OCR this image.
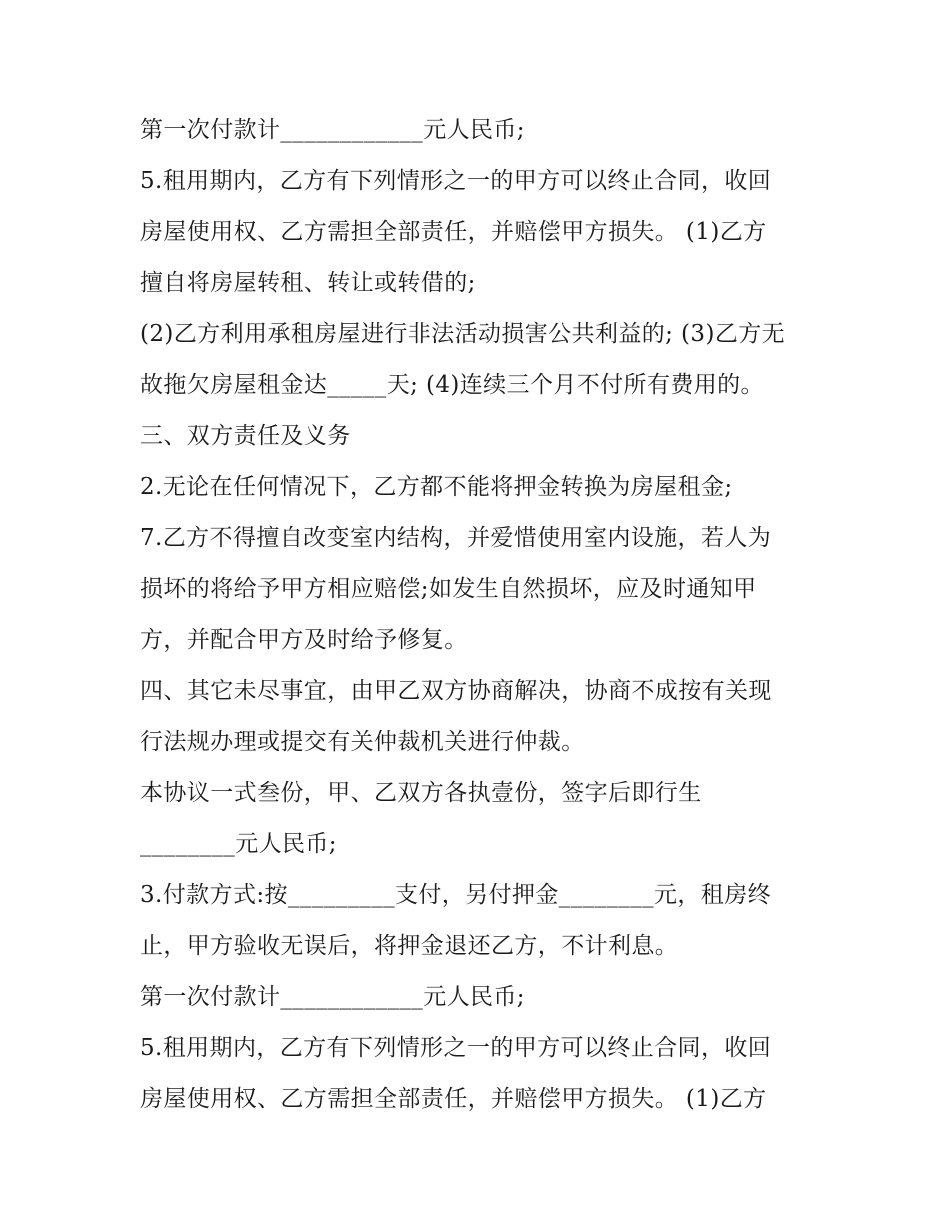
第一次付款计____________元人民币;
5.租用期内，乙方有下列情形之一的甲方可以终止合同，收回
房屋使用权、乙方需担全部责任，并赔偿甲方损失。 (1)乙方
擅自将房屋转租、转让或转借的;
(2)乙方利用承租房屋进行非法活动损害公共利益的; (3)乙方无
故拖欠房屋租金达_____天; (4)连续三个月不付所有费用的。
三、双方责任及义务
2.无论在任何情况下，乙方都不能将押金转换为房屋租金;
7.乙方不得擅自改变室内结构，并爱惜使用室内设施，若人为
损坏的将给予甲方相应赔偿;如发生自然损坏，应及时通知甲
方，并配合甲方及时给予修复。
四、其它未尽事宜，由甲乙双方协商解决，协商不成按有关现
行法规办理或提交有关仲裁机关进行仲裁。
本协议一式叁份，甲、乙双方各执壹份，签字后即行生
________元人民币;
3.付款方式:按_________支付，另付押金________元，租房终
止，甲方验收无误后，将押金退还乙方，不计利息。
第一次付款计____________元人民币;
5.租用期内，乙方有下列情形之一的甲方可以终止合同，收回
房屋使用权、乙方需担全部责任，并赔偿甲方损失。 (1)乙方
